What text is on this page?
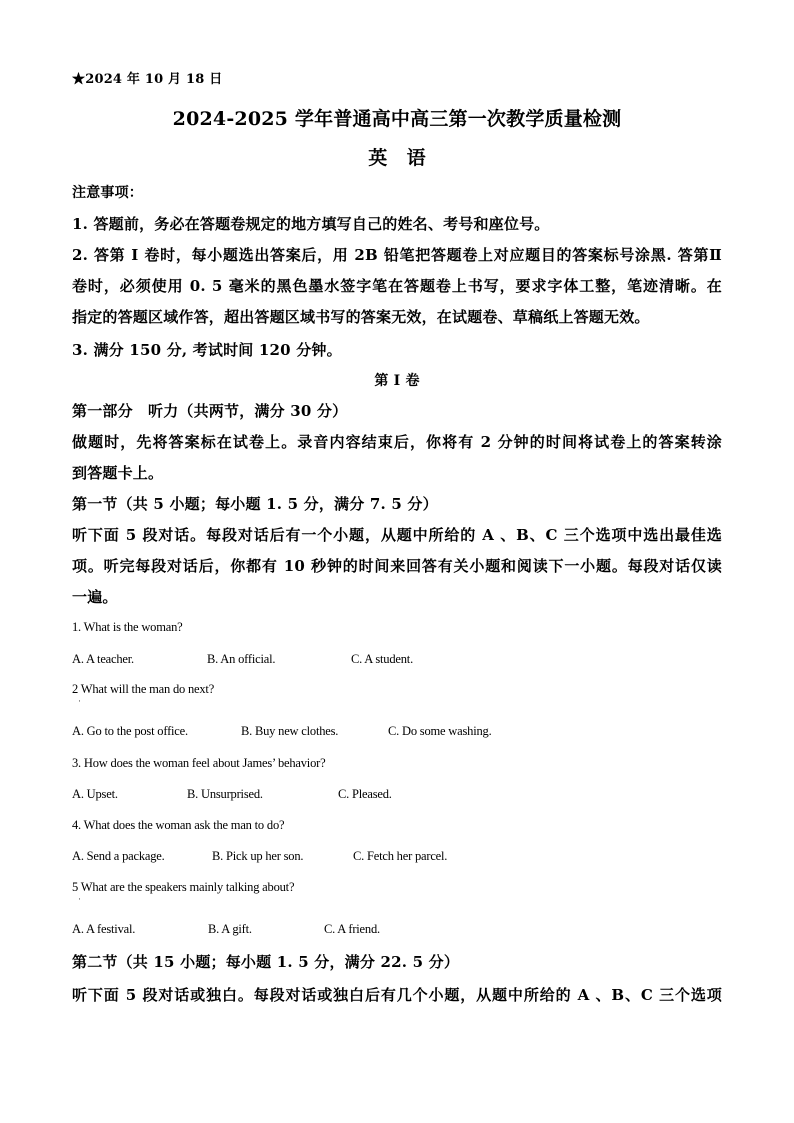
★2024 年 10 月 18 日
2024-2025 学年普通高中高三第一次教学质量检测
英　语
注意事项：
1. 答题前，务必在答题卷规定的地方填写自己的姓名、考号和座位号。
2. 答第 I 卷时，每小题选出答案后，用 2B 铅笔把答题卷上对应题目的答案标号涂黑. 答第Ⅱ
卷时，必须使用 0. 5 毫米的黑色墨水签字笔在答题卷上书写，要求字体工整，笔迹清晰。在
指定的答题区域作答，超出答题区域书写的答案无效，在试题卷、草稿纸上答题无效。
3. 满分 150 分, 考试时间 120 分钟。
第 I 卷
第一部分　听力（共两节，满分 30 分）
做题时，先将答案标在试卷上。录音内容结束后，你将有 2 分钟的时间将试卷上的答案转涂
到答题卡上。
第一节（共 5 小题；每小题 1. 5 分，满分 7. 5 分）
听下面 5 段对话。每段对话后有一个小题，从题中所给的 A 、B、C 三个选项中选出最佳选
项。听完每段对话后，你都有 10 秒钟的时间来回答有关小题和阅读下一小题。每段对话仅读
一遍。
1. What is the woman?
A. A teacher.	B. An official.	C. A student.
2 What will the man do next?
·
A. Go to the post office.	B. Buy new clothes.	C. Do some washing.
3. How does the woman feel about James’ behavior?
A. Upset.	B. Unsurprised.	C. Pleased.
4. What does the woman ask the man to do?
A. Send a package.	B. Pick up her son.	C. Fetch her parcel.
5 What are the speakers mainly talking about?
·
A. A festival.	B. A gift.	C. A friend.
第二节（共 15 小题；每小题 1. 5 分，满分 22. 5 分）
听下面 5 段对话或独白。每段对话或独白后有几个小题，从题中所给的 A 、B、C 三个选项
